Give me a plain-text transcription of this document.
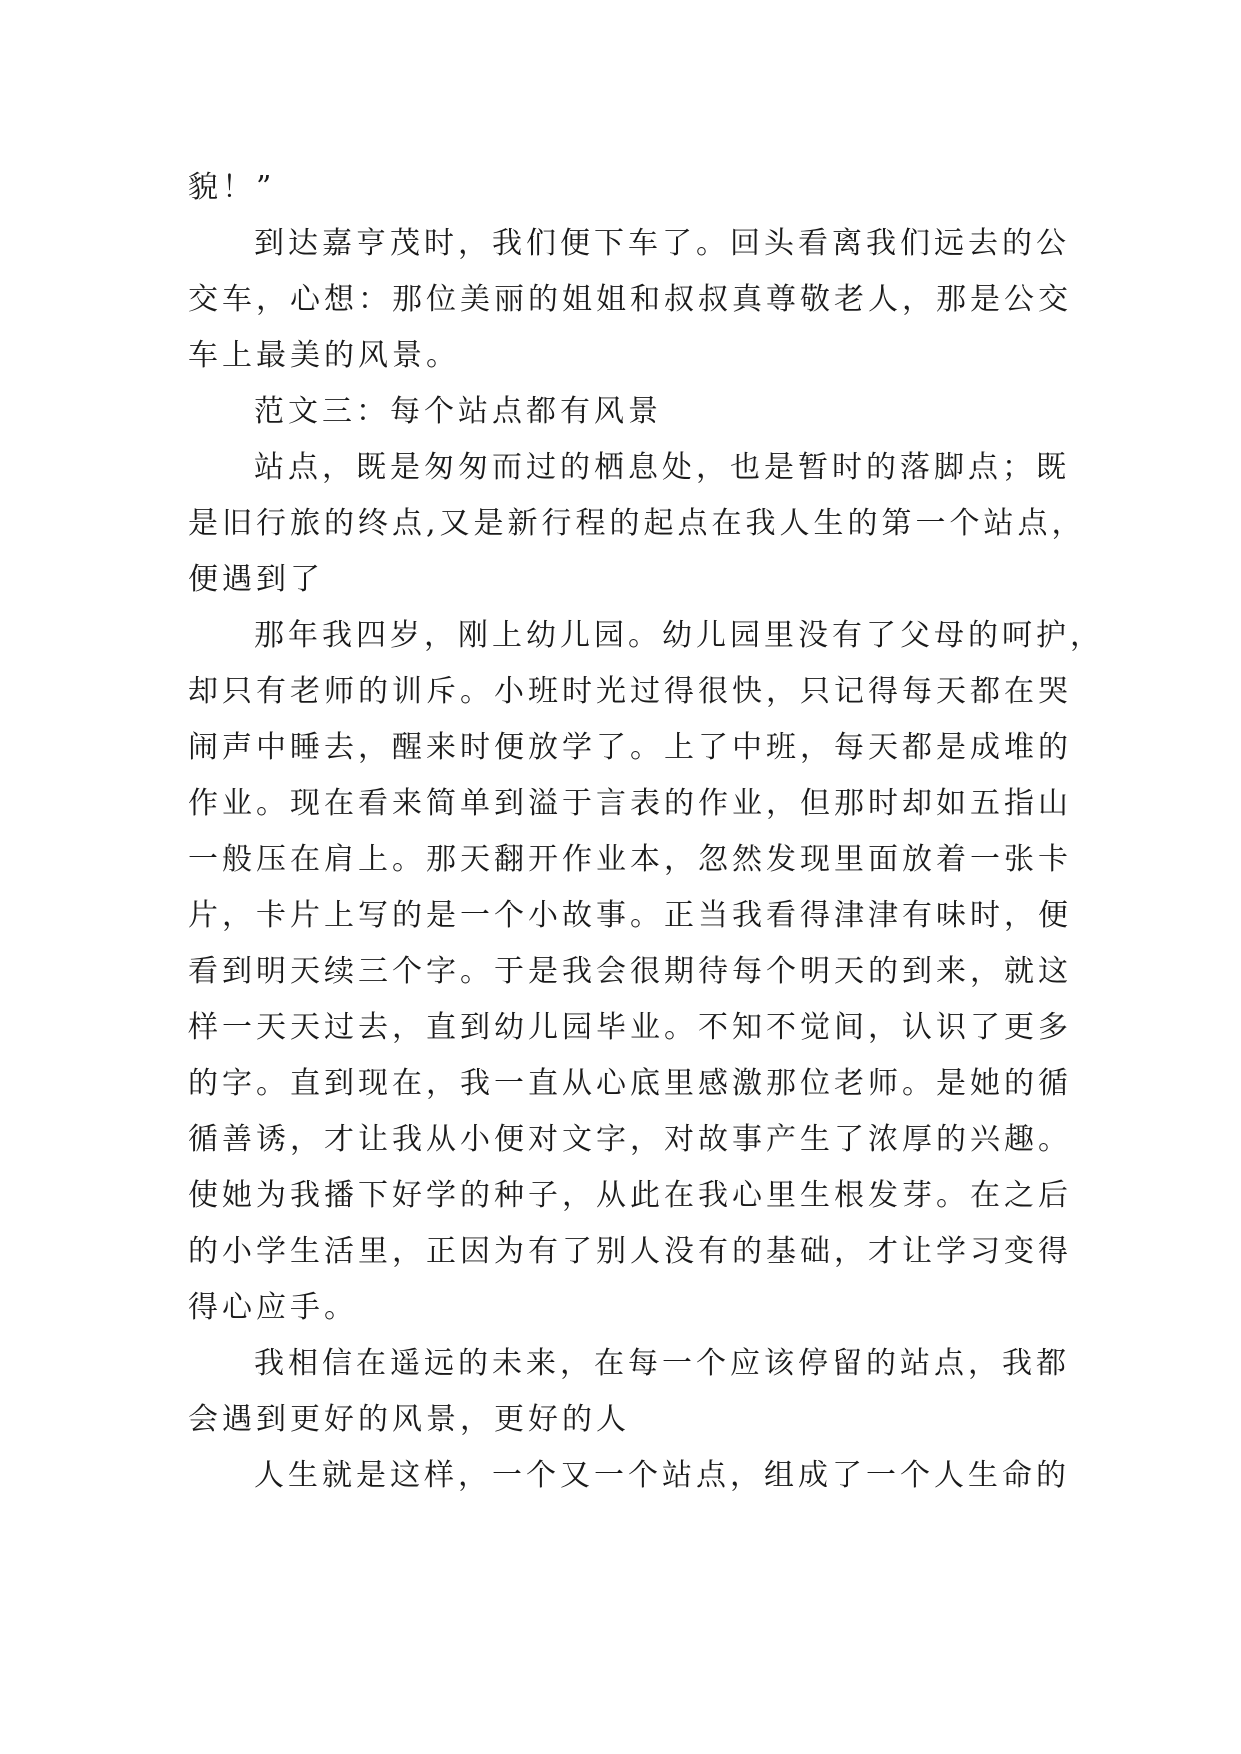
貌！”
到达嘉亨茂时，我们便下车了。回头看离我们远去的公
交车，心想：那位美丽的姐姐和叔叔真尊敬老人，那是公交
车上最美的风景。
范文三：每个站点都有风景
站点，既是匆匆而过的栖息处，也是暂时的落脚点；既
是旧行旅的终点,又是新行程的起点在我人生的第一个站点，
便遇到了
那年我四岁，刚上幼儿园。幼儿园里没有了父母的呵护，
却只有老师的训斥。小班时光过得很快，只记得每天都在哭
闹声中睡去，醒来时便放学了。上了中班，每天都是成堆的
作业。现在看来简单到溢于言表的作业，但那时却如五指山
一般压在肩上。那天翻开作业本，忽然发现里面放着一张卡
片，卡片上写的是一个小故事。正当我看得津津有味时，便
看到明天续三个字。于是我会很期待每个明天的到来，就这
样一天天过去，直到幼儿园毕业。不知不觉间，认识了更多
的字。直到现在，我一直从心底里感激那位老师。是她的循
循善诱，才让我从小便对文字，对故事产生了浓厚的兴趣。
使她为我播下好学的种子，从此在我心里生根发芽。在之后
的小学生活里，正因为有了别人没有的基础，才让学习变得
得心应手。
我相信在遥远的未来，在每一个应该停留的站点，我都
会遇到更好的风景，更好的人
人生就是这样，一个又一个站点，组成了一个人生命的
